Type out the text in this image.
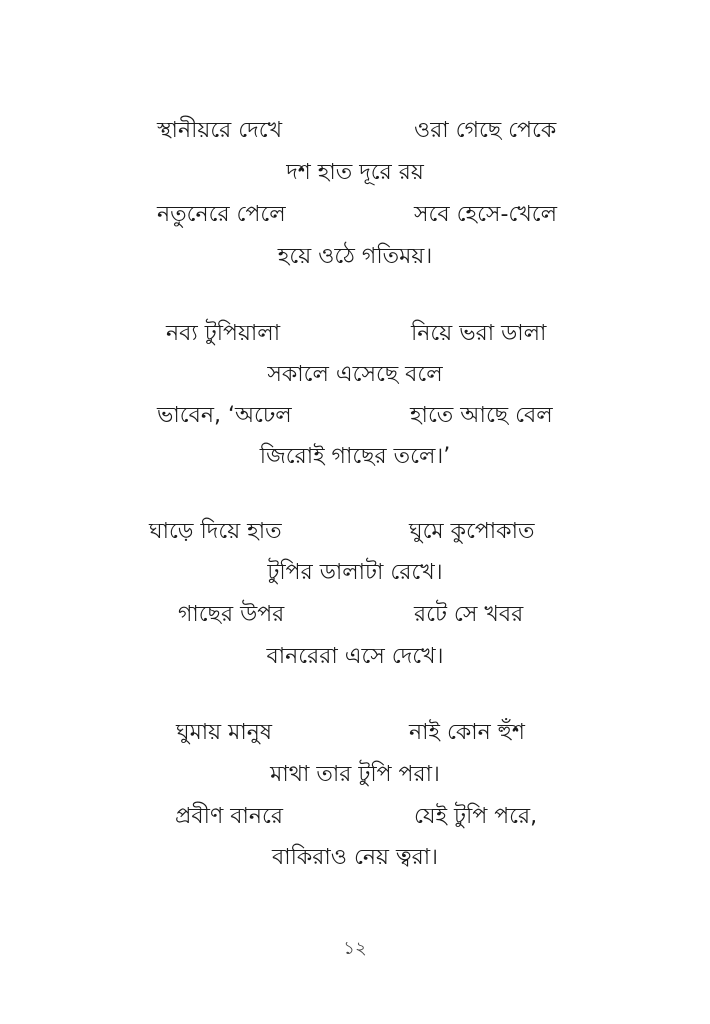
স্থানীয়রে দেখে	ওরা গেছে পেকে
দশ হাত দূরে রয়
নতুনেরে পেলে	সবে হেসে-খেলে
হয়ে ওঠে গতিময়।
নব্য টুপিয়ালা	নিয়ে ভরা ডালা
সকালে এসেছে বলে
ভাবেন, ‘অঢেল	হাতে আছে বেল
জিরোই গাছের তলে।’
ঘাড়ে দিয়ে হাত	ঘুমে কুপোকাত
টুপির ডালাটা রেখে।
গাছের উপর	রটে সে খবর
বানরেরা এসে দেখে।
ঘুমায় মানুষ	নাই কোন হুঁশ
মাথা তার টুপি পরা।
প্রবীণ বানরে	যেই টুপি পরে,
বাকিরাও নেয় ত্বরা।
১২
